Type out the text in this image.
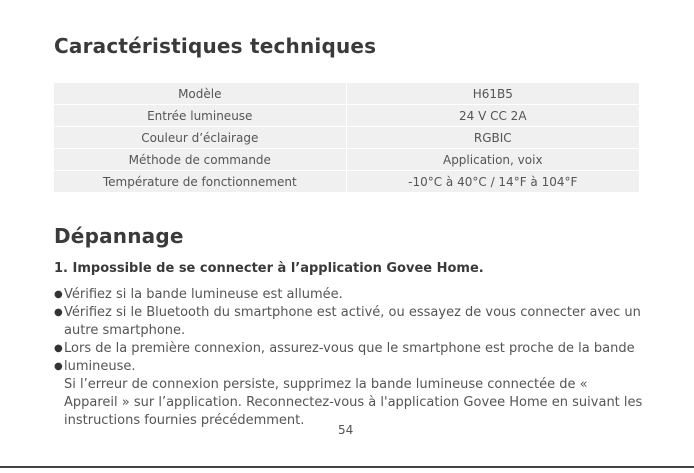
Caractéristiques techniques
Modèle	H61B5
Entrée lumineuse	24 V CC 2A
Couleur d’éclairage	RGBIC
Méthode de commande	Application, voix
Température de fonctionnement	-10°C à 40°C / 14°F à 104°F
Dépannage
1. Impossible de se connecter à l’application Govee Home.
● Vérifiez si la bande lumineuse est allumée.
● Vérifiez si le Bluetooth du smartphone est activé, ou essayez de vous connecter avec un autre smartphone.
● Lors de la première connexion, assurez-vous que le smartphone est proche de la bande
● lumineuse.
Si l’erreur de connexion persiste, supprimez la bande lumineuse connectée de « Appareil » sur l’application. Reconnectez-vous à l'application Govee Home en suivant les instructions fournies précédemment.
54
